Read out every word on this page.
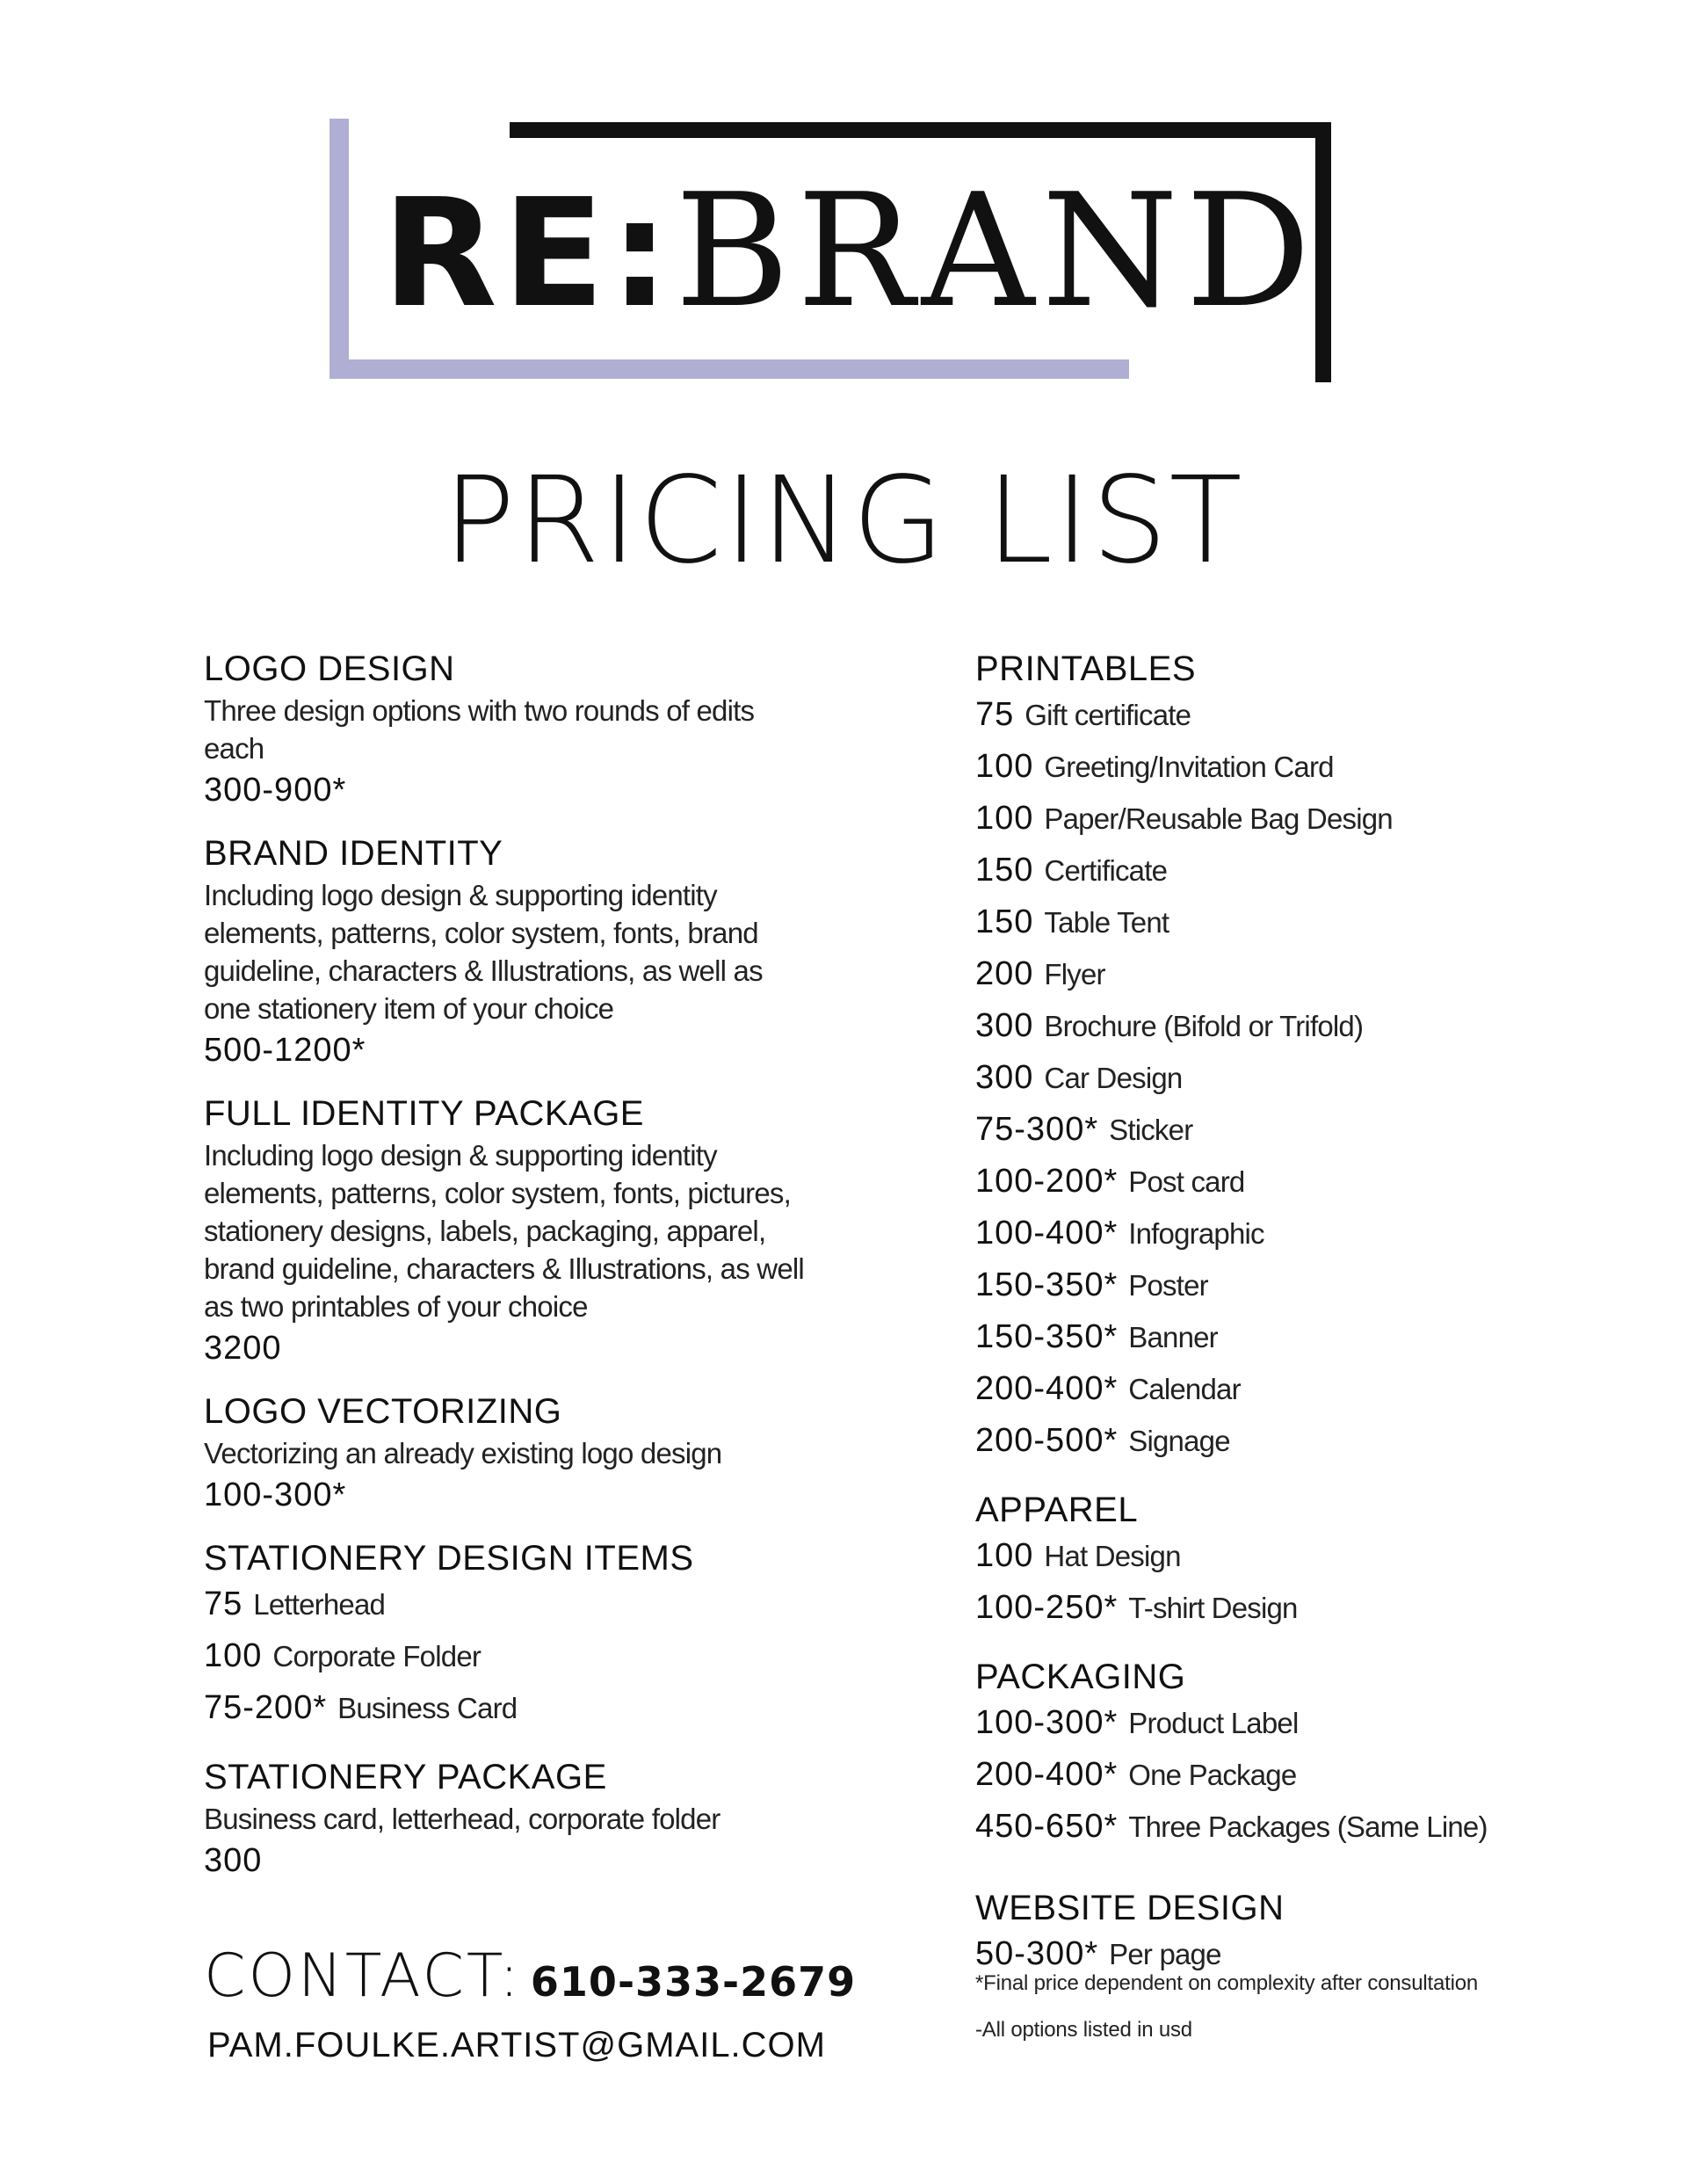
RE:BRAND
PRICING LIST
LOGO DESIGN
Three design options with two rounds of edits
each
300-900*
BRAND IDENTITY
Including logo design & supporting identity
elements, patterns, color system, fonts, brand
guideline, characters & Illustrations, as well as
one stationery item of your choice
500-1200*
FULL IDENTITY PACKAGE
Including logo design & supporting identity
elements, patterns, color system, fonts, pictures,
stationery designs, labels, packaging, apparel,
brand guideline, characters & Illustrations, as well
as two printables of your choice
3200
LOGO VECTORIZING
Vectorizing an already existing logo design
100-300*
STATIONERY DESIGN ITEMS
75 Letterhead
100 Corporate Folder
75-200* Business Card
STATIONERY PACKAGE
Business card, letterhead, corporate folder
300
PRINTABLES
75 Gift certificate
100 Greeting/Invitation Card
100 Paper/Reusable Bag Design
150 Certificate
150 Table Tent
200 Flyer
300 Brochure (Bifold or Trifold)
300 Car Design
75-300* Sticker
100-200* Post card
100-400* Infographic
150-350* Poster
150-350* Banner
200-400* Calendar
200-500* Signage
APPAREL
100 Hat Design
100-250* T-shirt Design
PACKAGING
100-300* Product Label
200-400* One Package
450-650* Three Packages (Same Line)
WEBSITE DESIGN
50-300* Per page
CONTACT: 610-333-2679
PAM.FOULKE.ARTIST@GMAIL.COM
*Final price dependent on complexity after consultation
-All options listed in usd
